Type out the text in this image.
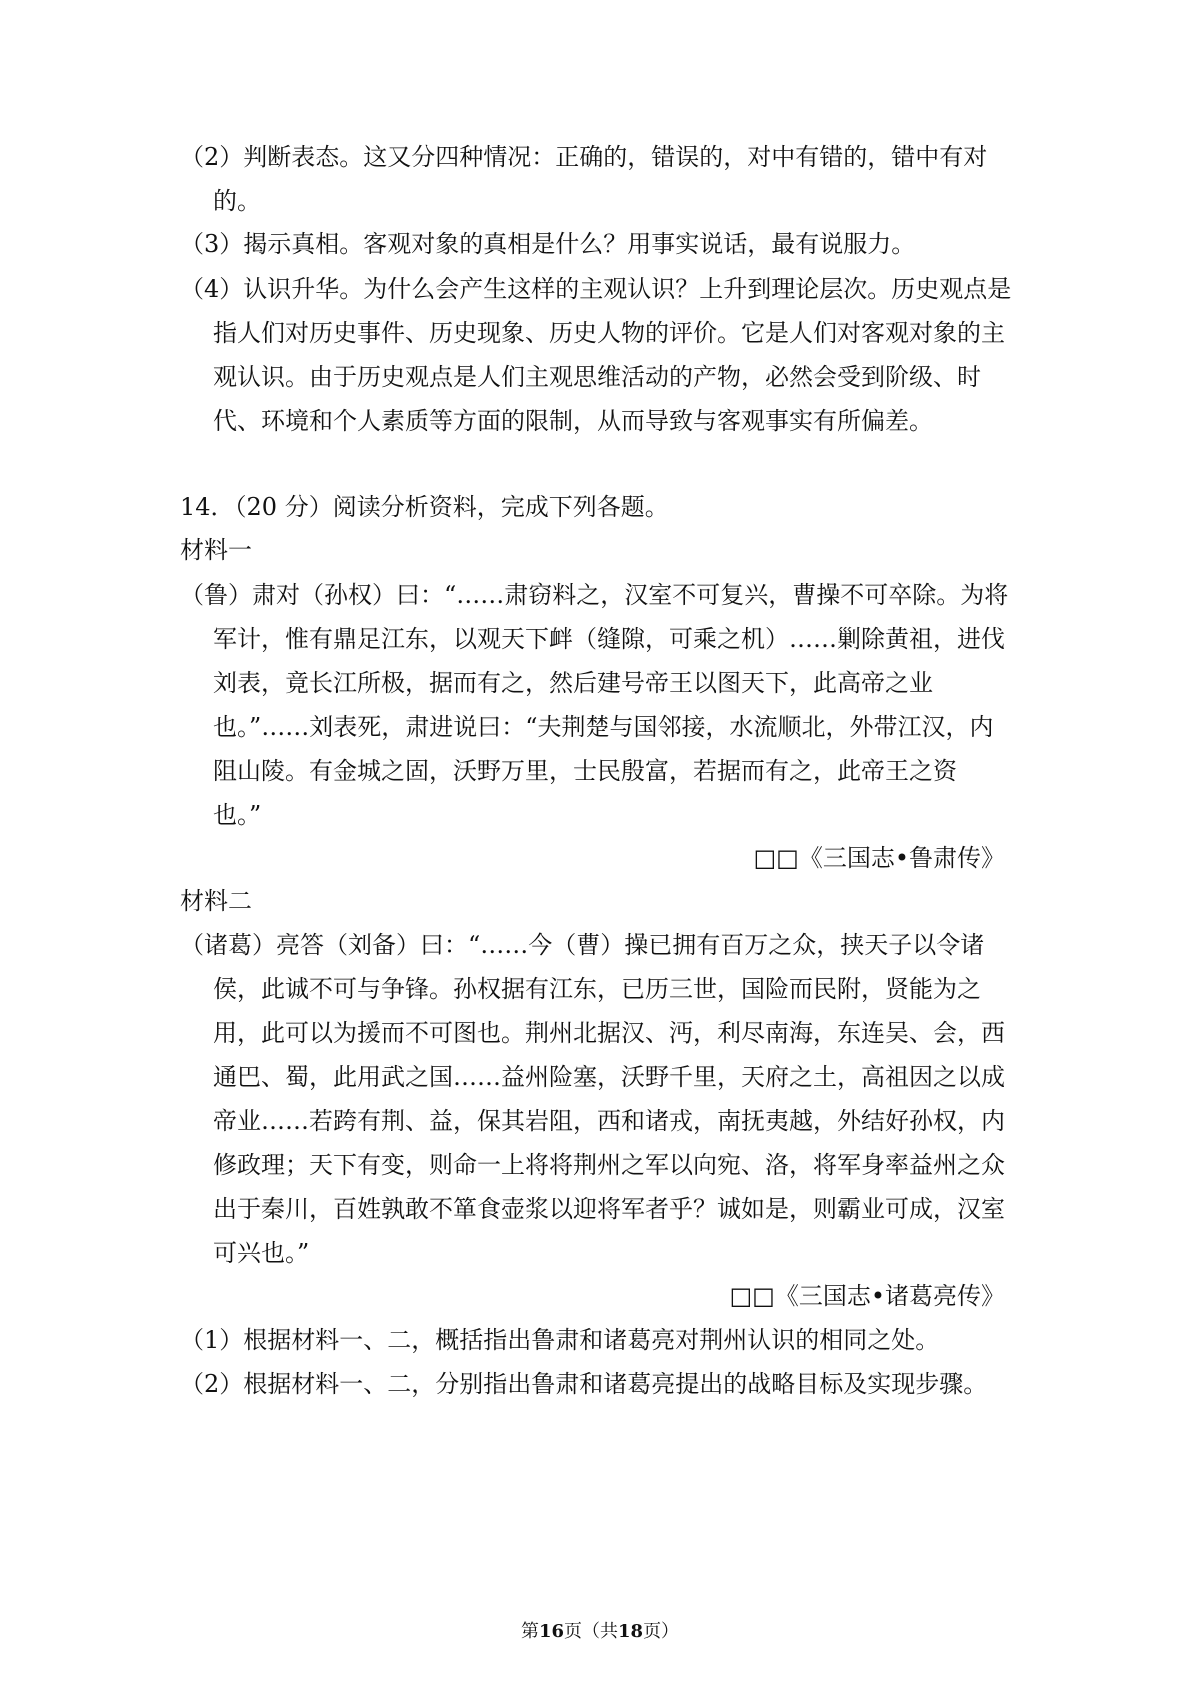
（2）判断表态。这又分四种情况：正确的，错误的，对中有错的，错中有对
的。
（3）揭示真相。客观对象的真相是什么？用事实说话，最有说服力。
（4）认识升华。为什么会产生这样的主观认识？上升到理论层次。历史观点是
指人们对历史事件、历史现象、历史人物的评价。它是人们对客观对象的主
观认识。由于历史观点是人们主观思维活动的产物，必然会受到阶级、时
代、环境和个人素质等方面的限制，从而导致与客观事实有所偏差。
14．（20 分）阅读分析资料，完成下列各题。
材料一
（鲁）肃对（孙权）曰：“……肃窃料之，汉室不可复兴，曹操不可卒除。为将
军计，惟有鼎足江东，以观天下衅（缝隙，可乘之机）……剿除黄祖，进伐
刘表，竟长江所极，据而有之，然后建号帝王以图天下，此高帝之业
也。”……刘表死，肃进说曰：“夫荆楚与国邻接，水流顺北，外带江汉，内
阻山陵。有金城之固，沃野万里，士民殷富，若据而有之，此帝王之资
也。”
□□《三国志•鲁肃传》
材料二
（诸葛）亮答（刘备）曰：“……今（曹）操已拥有百万之众，挟天子以令诸
侯，此诚不可与争锋。孙权据有江东，已历三世，国险而民附，贤能为之
用，此可以为援而不可图也。荆州北据汉、沔，利尽南海，东连吴、会，西
通巴、蜀，此用武之国……益州险塞，沃野千里，天府之土，高祖因之以成
帝业……若跨有荆、益，保其岩阻，西和诸戎，南抚夷越，外结好孙权，内
修政理；天下有变，则命一上将将荆州之军以向宛、洛，将军身率益州之众
出于秦川，百姓孰敢不箪食壶浆以迎将军者乎？诚如是，则霸业可成，汉室
可兴也。”
□□《三国志•诸葛亮传》
（1）根据材料一、二，概括指出鲁肃和诸葛亮对荆州认识的相同之处。
（2）根据材料一、二，分别指出鲁肃和诸葛亮提出的战略目标及实现步骤。
第16页（共18页）
